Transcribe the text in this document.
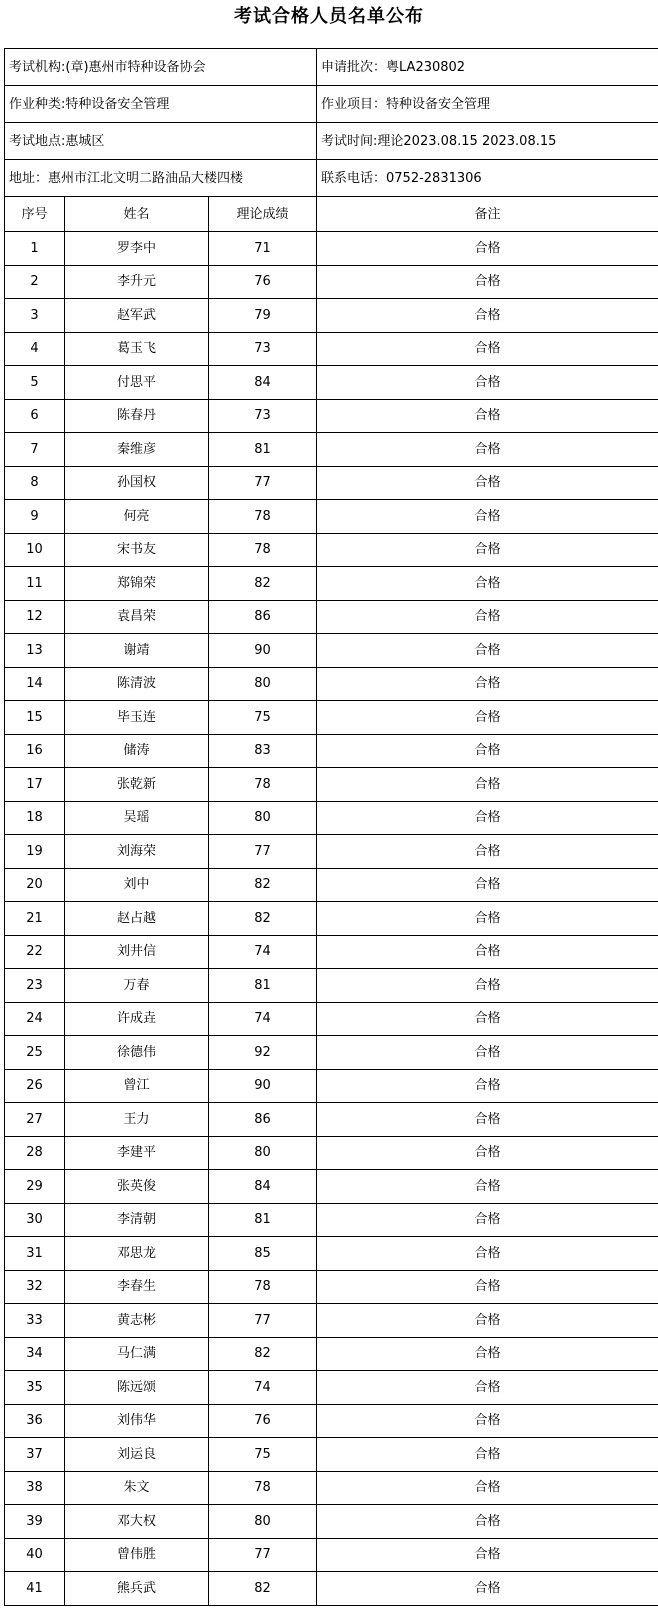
考试合格人员名单公布
考试机构:(章)惠州市特种设备协会			申请批次：粤LA230802
作业种类:特种设备安全管理			作业项目：特种设备安全管理
考试地点:惠城区			考试时间:理论2023.08.15 2023.08.15
地址：惠州市江北文明二路油品大楼四楼			联系电话：0752-2831306
序号	姓名	理论成绩	备注
1	罗李中	71	合格
2	李升元	76	合格
3	赵军武	79	合格
4	葛玉飞	73	合格
5	付思平	84	合格
6	陈春丹	73	合格
7	秦维彦	81	合格
8	孙国权	77	合格
9	何亮	78	合格
10	宋书友	78	合格
11	郑锦荣	82	合格
12	袁昌荣	86	合格
13	谢靖	90	合格
14	陈清波	80	合格
15	毕玉连	75	合格
16	储涛	83	合格
17	张乾新	78	合格
18	吴瑶	80	合格
19	刘海荣	77	合格
20	刘中	82	合格
21	赵占越	82	合格
22	刘井信	74	合格
23	万春	81	合格
24	许成垚	74	合格
25	徐德伟	92	合格
26	曾江	90	合格
27	王力	86	合格
28	李建平	80	合格
29	张英俊	84	合格
30	李清朝	81	合格
31	邓思龙	85	合格
32	李春生	78	合格
33	黄志彬	77	合格
34	马仁满	82	合格
35	陈远颂	74	合格
36	刘伟华	76	合格
37	刘运良	75	合格
38	朱文	78	合格
39	邓大权	80	合格
40	曾伟胜	77	合格
41	熊兵武	82	合格
